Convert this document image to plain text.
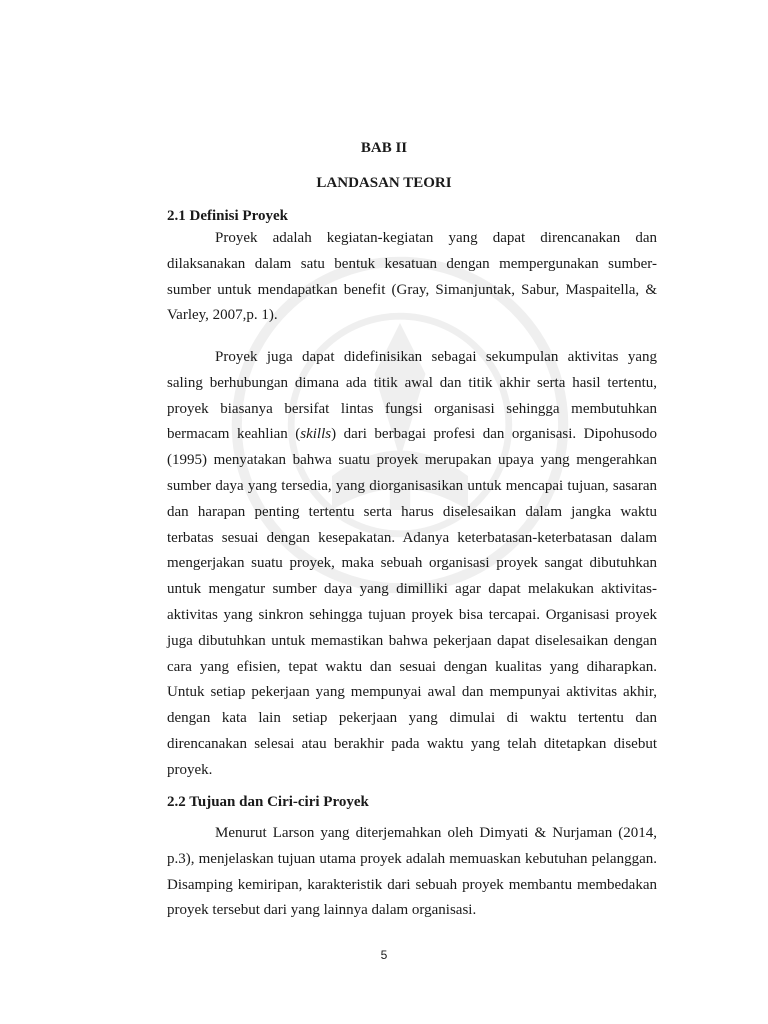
BAB II
LANDASAN TEORI
2.1 Definisi Proyek

Proyek adalah kegiatan-kegiatan yang dapat direncanakan dan dilaksanakan dalam satu bentuk kesatuan dengan mempergunakan sumber-sumber untuk mendapatkan benefit (Gray, Simanjuntak, Sabur, Maspaitella, & Varley, 2007,p. 1).

Proyek juga dapat didefinisikan sebagai sekumpulan aktivitas yang saling berhubungan dimana ada titik awal dan titik akhir serta hasil tertentu, proyek biasanya bersifat lintas fungsi organisasi sehingga membutuhkan bermacam keahlian (skills) dari berbagai profesi dan organisasi. Dipohusodo (1995) menyatakan bahwa suatu proyek merupakan upaya yang mengerahkan sumber daya yang tersedia, yang diorganisasikan untuk mencapai tujuan, sasaran dan harapan penting tertentu serta harus diselesaikan dalam jangka waktu terbatas sesuai dengan kesepakatan. Adanya keterbatasan-keterbatasan dalam mengerjakan suatu proyek, maka sebuah organisasi proyek sangat dibutuhkan untuk mengatur sumber daya yang dimilliki agar dapat melakukan aktivitas-aktivitas yang sinkron sehingga tujuan proyek bisa tercapai. Organisasi proyek juga dibutuhkan untuk memastikan bahwa pekerjaan dapat diselesaikan dengan cara yang efisien, tepat waktu dan sesuai dengan kualitas yang diharapkan. Untuk setiap pekerjaan yang mempunyai awal dan mempunyai aktivitas akhir, dengan kata lain setiap pekerjaan yang dimulai di waktu tertentu dan direncanakan selesai atau berakhir pada waktu yang telah ditetapkan disebut proyek.

2.2 Tujuan dan Ciri-ciri Proyek

Menurut Larson yang diterjemahkan oleh Dimyati & Nurjaman (2014, p.3), menjelaskan tujuan utama proyek adalah memuaskan kebutuhan pelanggan. Disamping kemiripan, karakteristik dari sebuah proyek membantu membedakan proyek tersebut dari yang lainnya dalam organisasi.

5
